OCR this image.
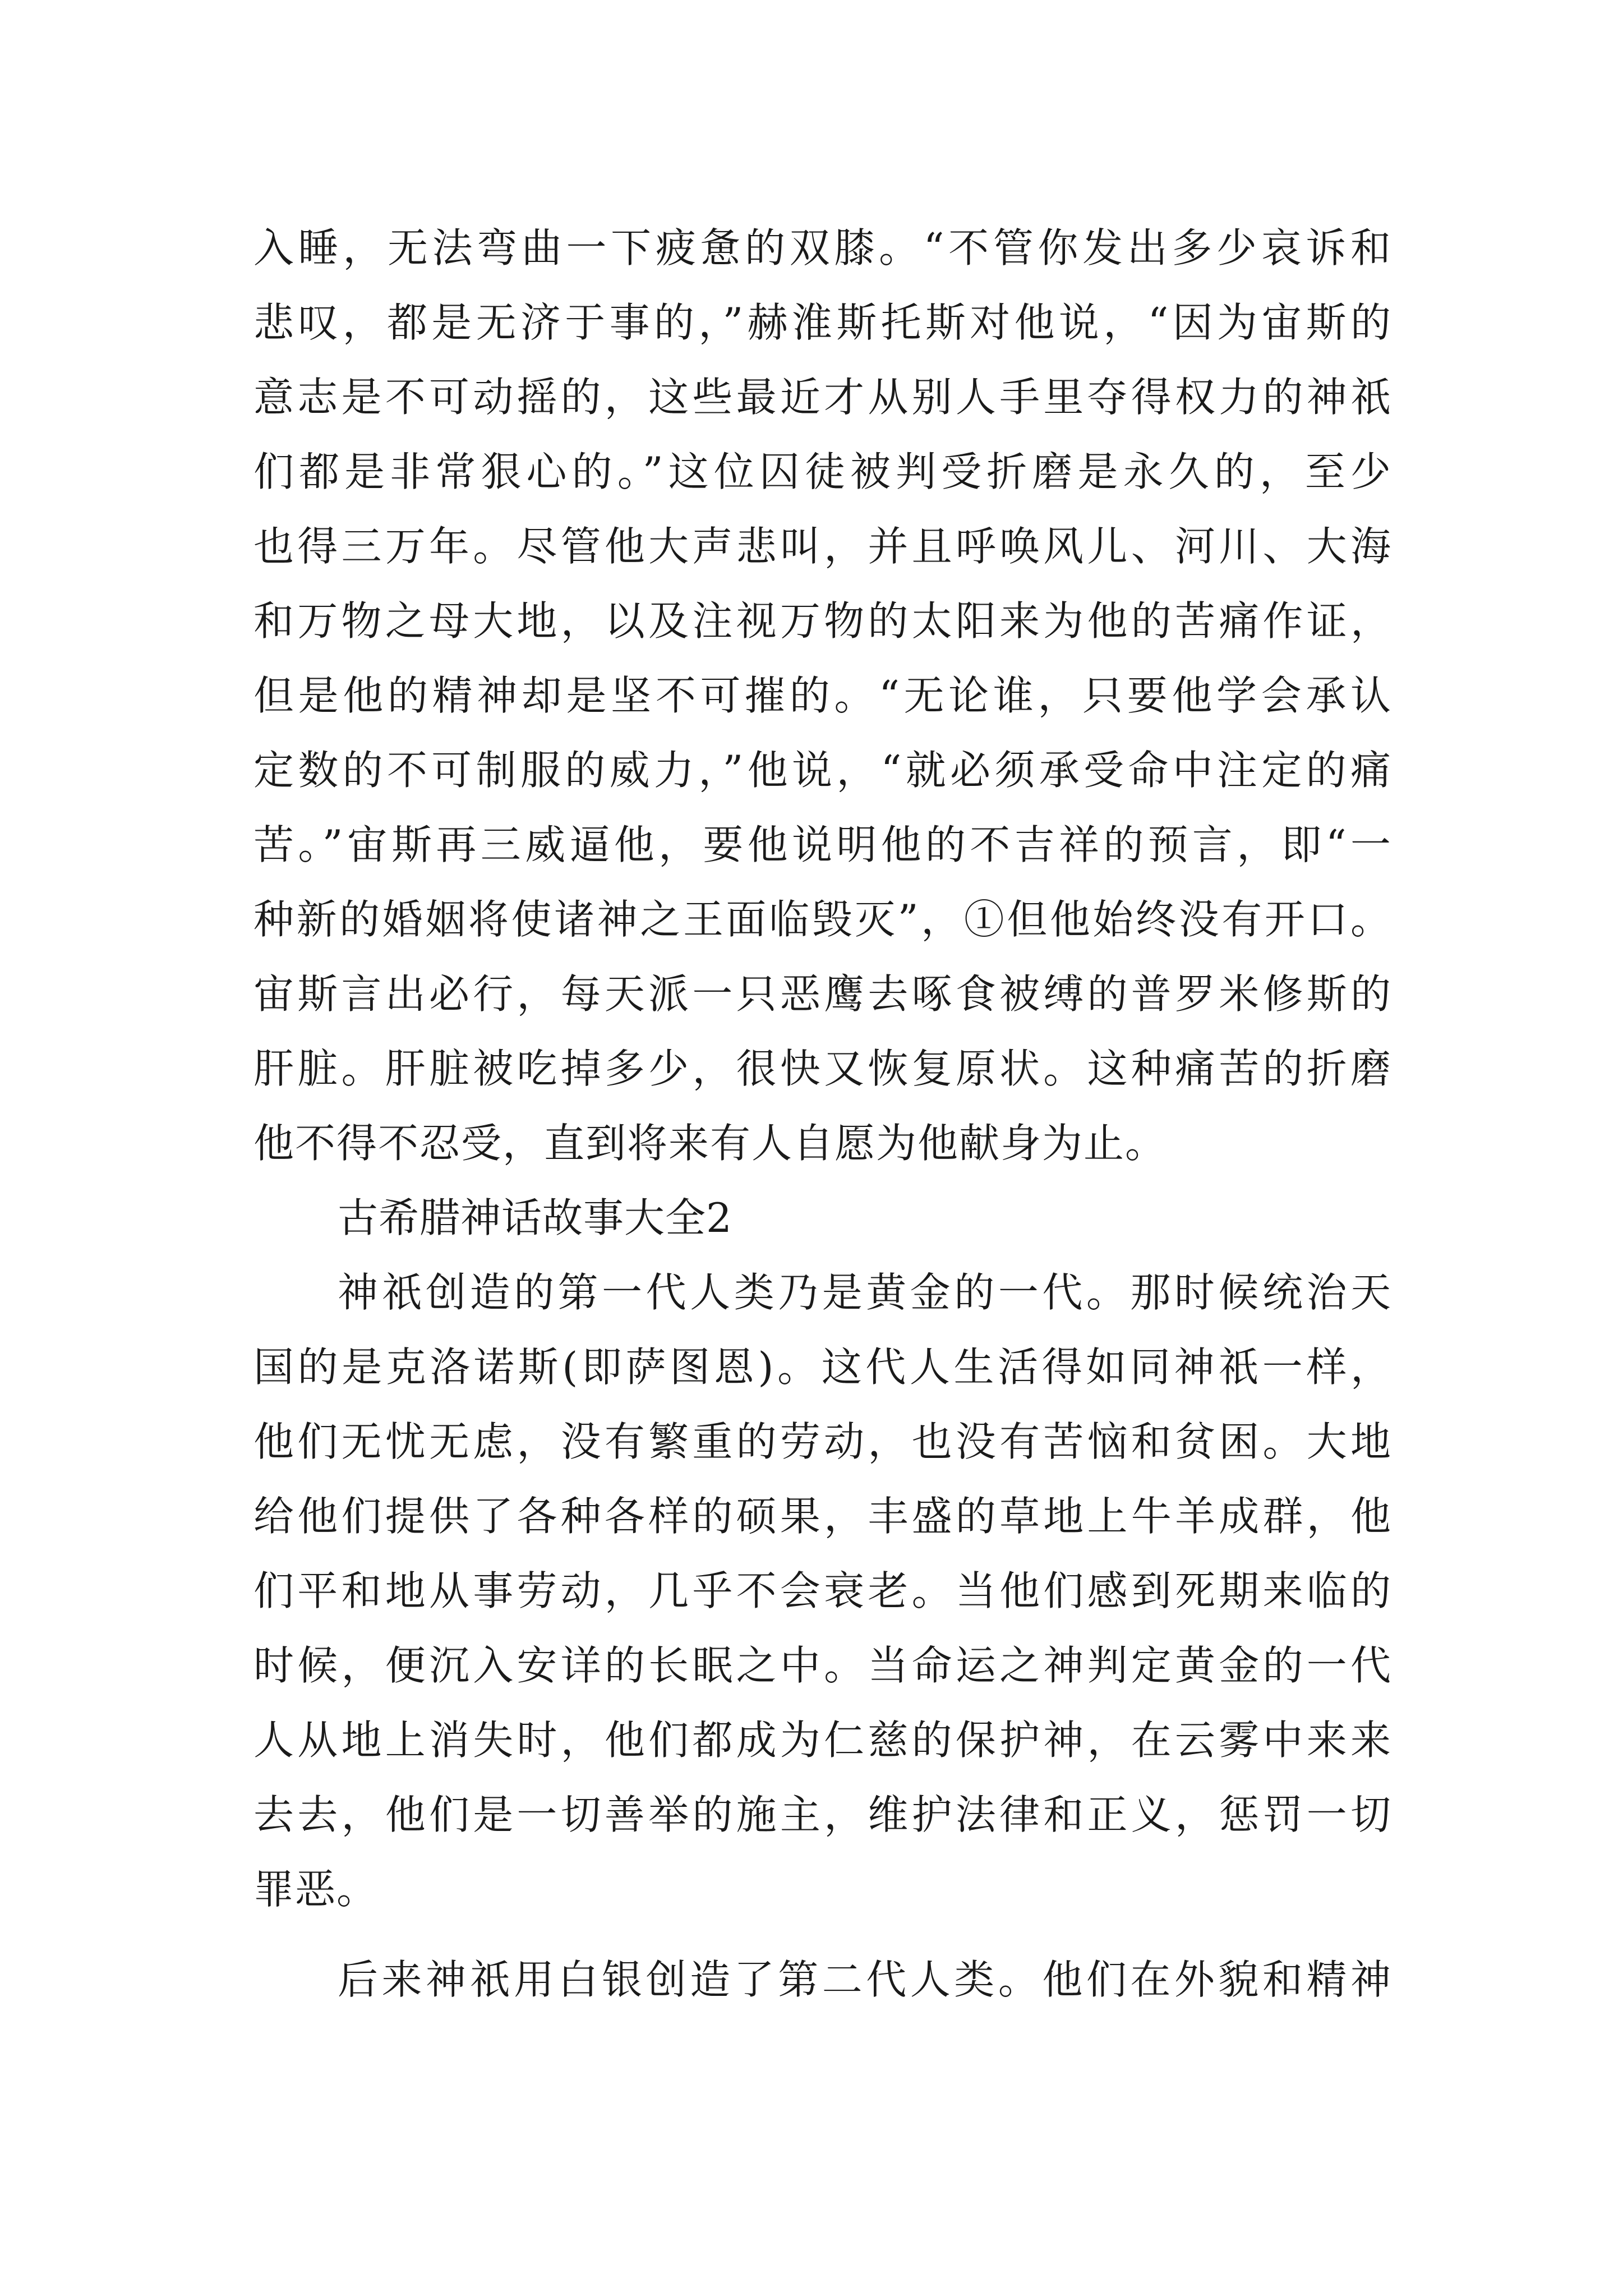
入睡，无法弯曲一下疲惫的双膝。“不管你发出多少哀诉和
悲叹，都是无济于事的，”赫淮斯托斯对他说，“因为宙斯的
意志是不可动摇的，这些最近才从别人手里夺得权力的神祇
们都是非常狠心的。”这位囚徒被判受折磨是永久的，至少
也得三万年。尽管他大声悲叫，并且呼唤风儿、河川、大海
和万物之母大地，以及注视万物的太阳来为他的苦痛作证，
但是他的精神却是坚不可摧的。“无论谁，只要他学会承认
定数的不可制服的威力，”他说，“就必须承受命中注定的痛
苦。”宙斯再三威逼他，要他说明他的不吉祥的预言，即“一
种新的婚姻将使诸神之王面临毁灭”，①但他始终没有开口。
宙斯言出必行，每天派一只恶鹰去啄食被缚的普罗米修斯的
肝脏。肝脏被吃掉多少，很快又恢复原状。这种痛苦的折磨
他不得不忍受，直到将来有人自愿为他献身为止。
古希腊神话故事大全2
神祇创造的第一代人类乃是黄金的一代。那时候统治天
国的是克洛诺斯(即萨图恩)。这代人生活得如同神祇一样，
他们无忧无虑，没有繁重的劳动，也没有苦恼和贫困。大地
给他们提供了各种各样的硕果，丰盛的草地上牛羊成群，他
们平和地从事劳动，几乎不会衰老。当他们感到死期来临的
时候，便沉入安详的长眠之中。当命运之神判定黄金的一代
人从地上消失时，他们都成为仁慈的保护神，在云雾中来来
去去，他们是一切善举的施主，维护法律和正义，惩罚一切
罪恶。
后来神祇用白银创造了第二代人类。他们在外貌和精神
